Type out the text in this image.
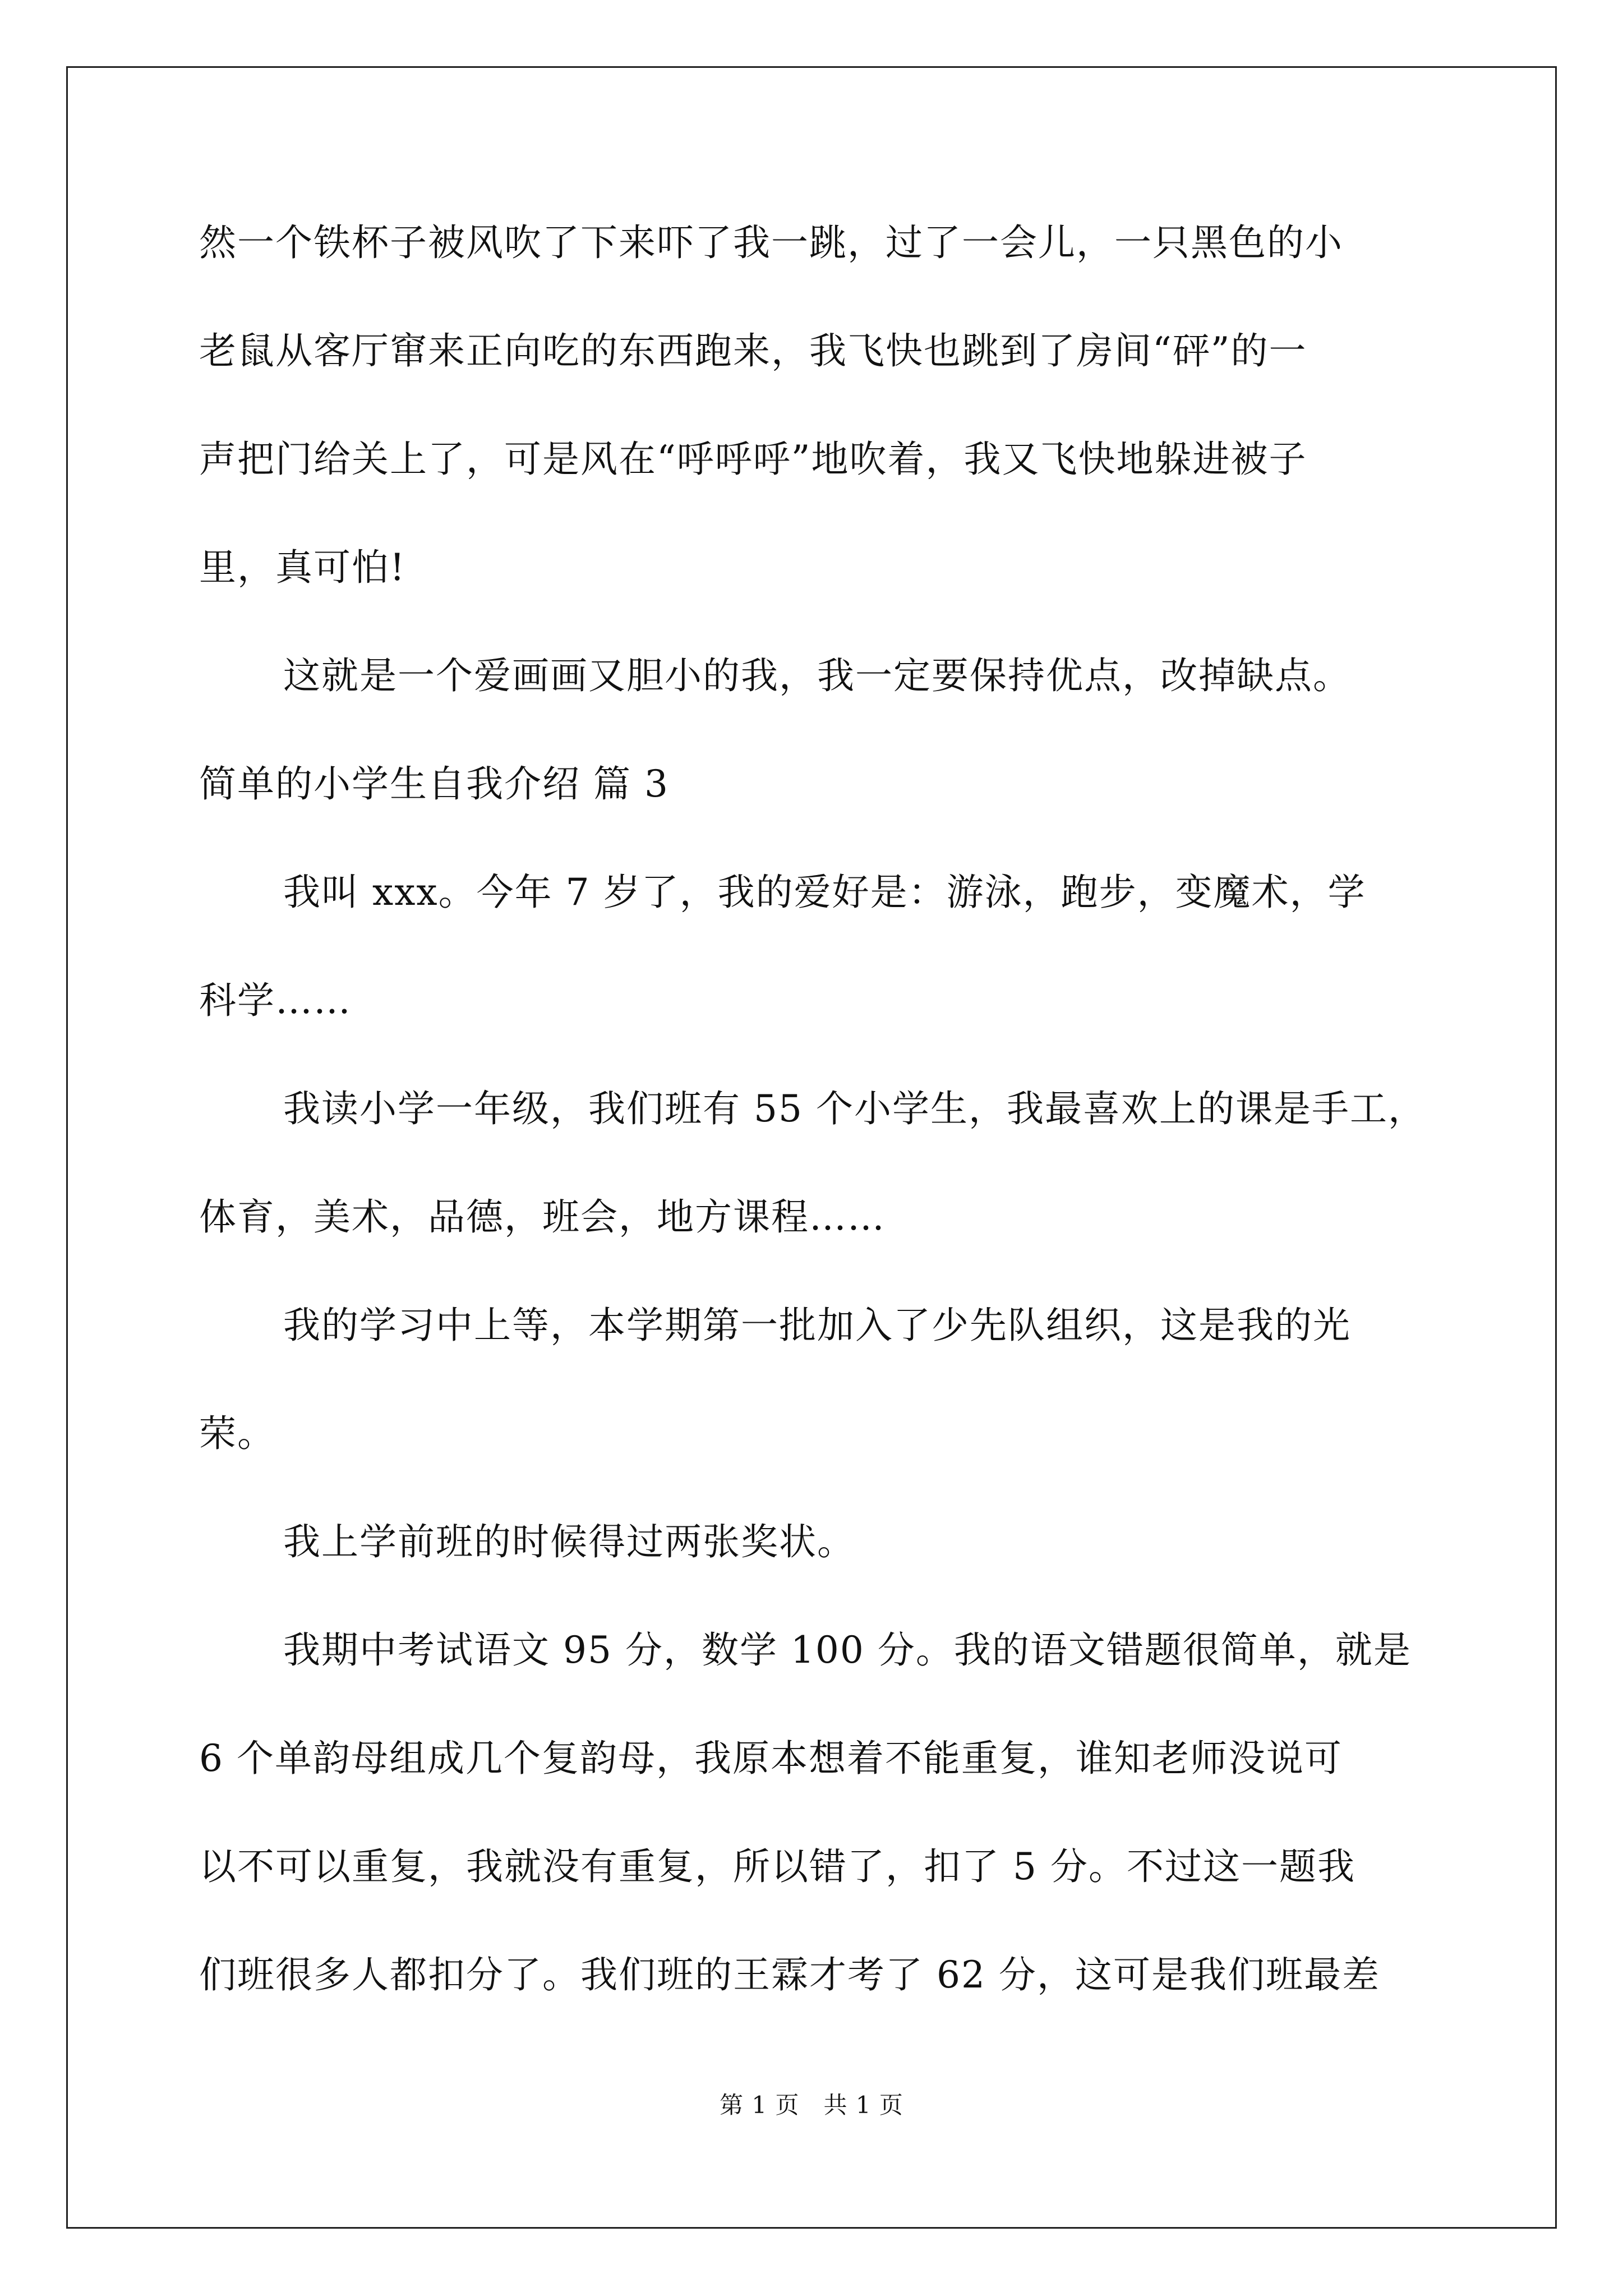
然一个铁杯子被风吹了下来吓了我一跳，过了一会儿，一只黑色的小
老鼠从客厅窜来正向吃的东西跑来，我飞快也跳到了房间“砰”的一
声把门给关上了，可是风在“呼呼呼”地吹着，我又飞快地躲进被子
里，真可怕!
这就是一个爱画画又胆小的我，我一定要保持优点，改掉缺点。
简单的小学生自我介绍 篇 3
我叫 xxx。今年 7 岁了，我的爱好是：游泳，跑步，变魔术，学
科学……
我读小学一年级，我们班有 55 个小学生，我最喜欢上的课是手工，
体育，美术，品德，班会，地方课程……
我的学习中上等，本学期第一批加入了少先队组织，这是我的光
荣。
我上学前班的时候得过两张奖状。
我期中考试语文 95 分，数学 100 分。我的语文错题很简单，就是
6 个单韵母组成几个复韵母，我原本想着不能重复，谁知老师没说可
以不可以重复，我就没有重复，所以错了，扣了 5 分。不过这一题我
们班很多人都扣分了。我们班的王霖才考了 62 分，这可是我们班最差
第 1 页　共 1 页
